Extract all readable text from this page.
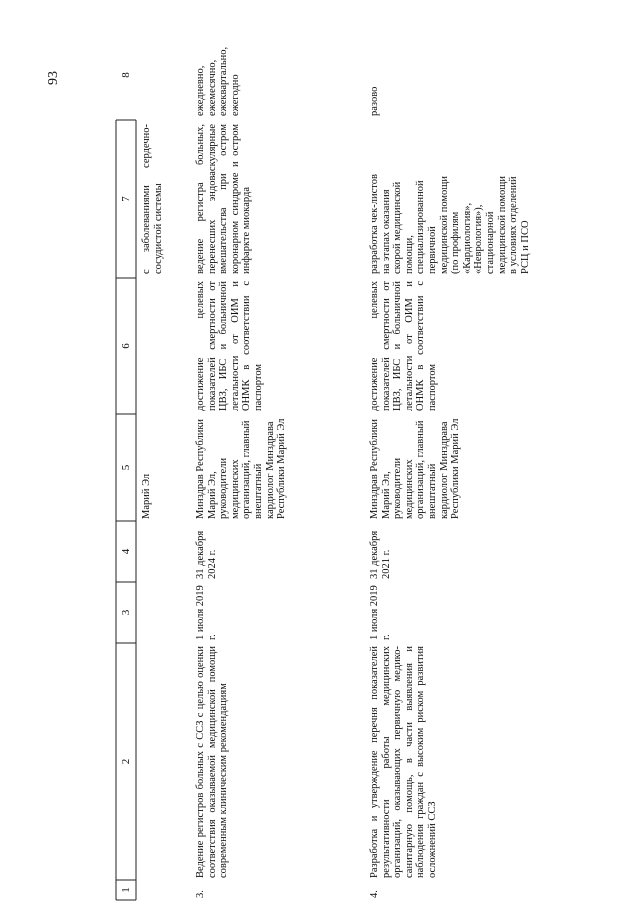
93
1
2
3
4
5
6
7
8
Марий Эл
с заболеваниями сердечно-сосудистой системы
3.
Ведение регистров больных с ССЗ с целью оценки соответствия оказываемой медицинской помощи современным клиническим рекомендациям
1 июля 2019 г.
31 декабря 2024 г.
Минздрав Республики Марий Эл, руководители медицинских организаций, главный внештатный кардиолог Минздрава Республики Марий Эл
достижение целевых показателей смертности от ЦВЗ, ИБС и больничной летальности от ОИМ и ОНМК в соответствии с паспортом
ведение регистра больных, перенесших эндоваскулярные вмешательства при остром коронарном синдроме и остром инфаркте миокарда
ежедневно, ежемесячно, ежеквартально, ежегодно
4.
Разработка и утверждение перечня показателей результативности работы медицинских организаций, оказывающих первичную медико-санитарную помощь, в части выявления и наблюдения граждан с высоким риском развития осложнений ССЗ
1 июля 2019 г.
31 декабря 2021 г.
Минздрав Республики Марий Эл, руководители медицинских организаций, главный внештатный кардиолог Минздрава Республики Марий Эл
достижение целевых показателей смертности от ЦВЗ, ИБС и больничной летальности от ОИМ и ОНМК в соответствии с паспортом
разработка чек-листов на этапах оказания скорой медицинской помощи, специализированной первичной медицинской помощи (по профилям «Кардиология», «Неврология»), стационарной медицинской помощи в условиях отделений РСЦ и ПСО
разово
